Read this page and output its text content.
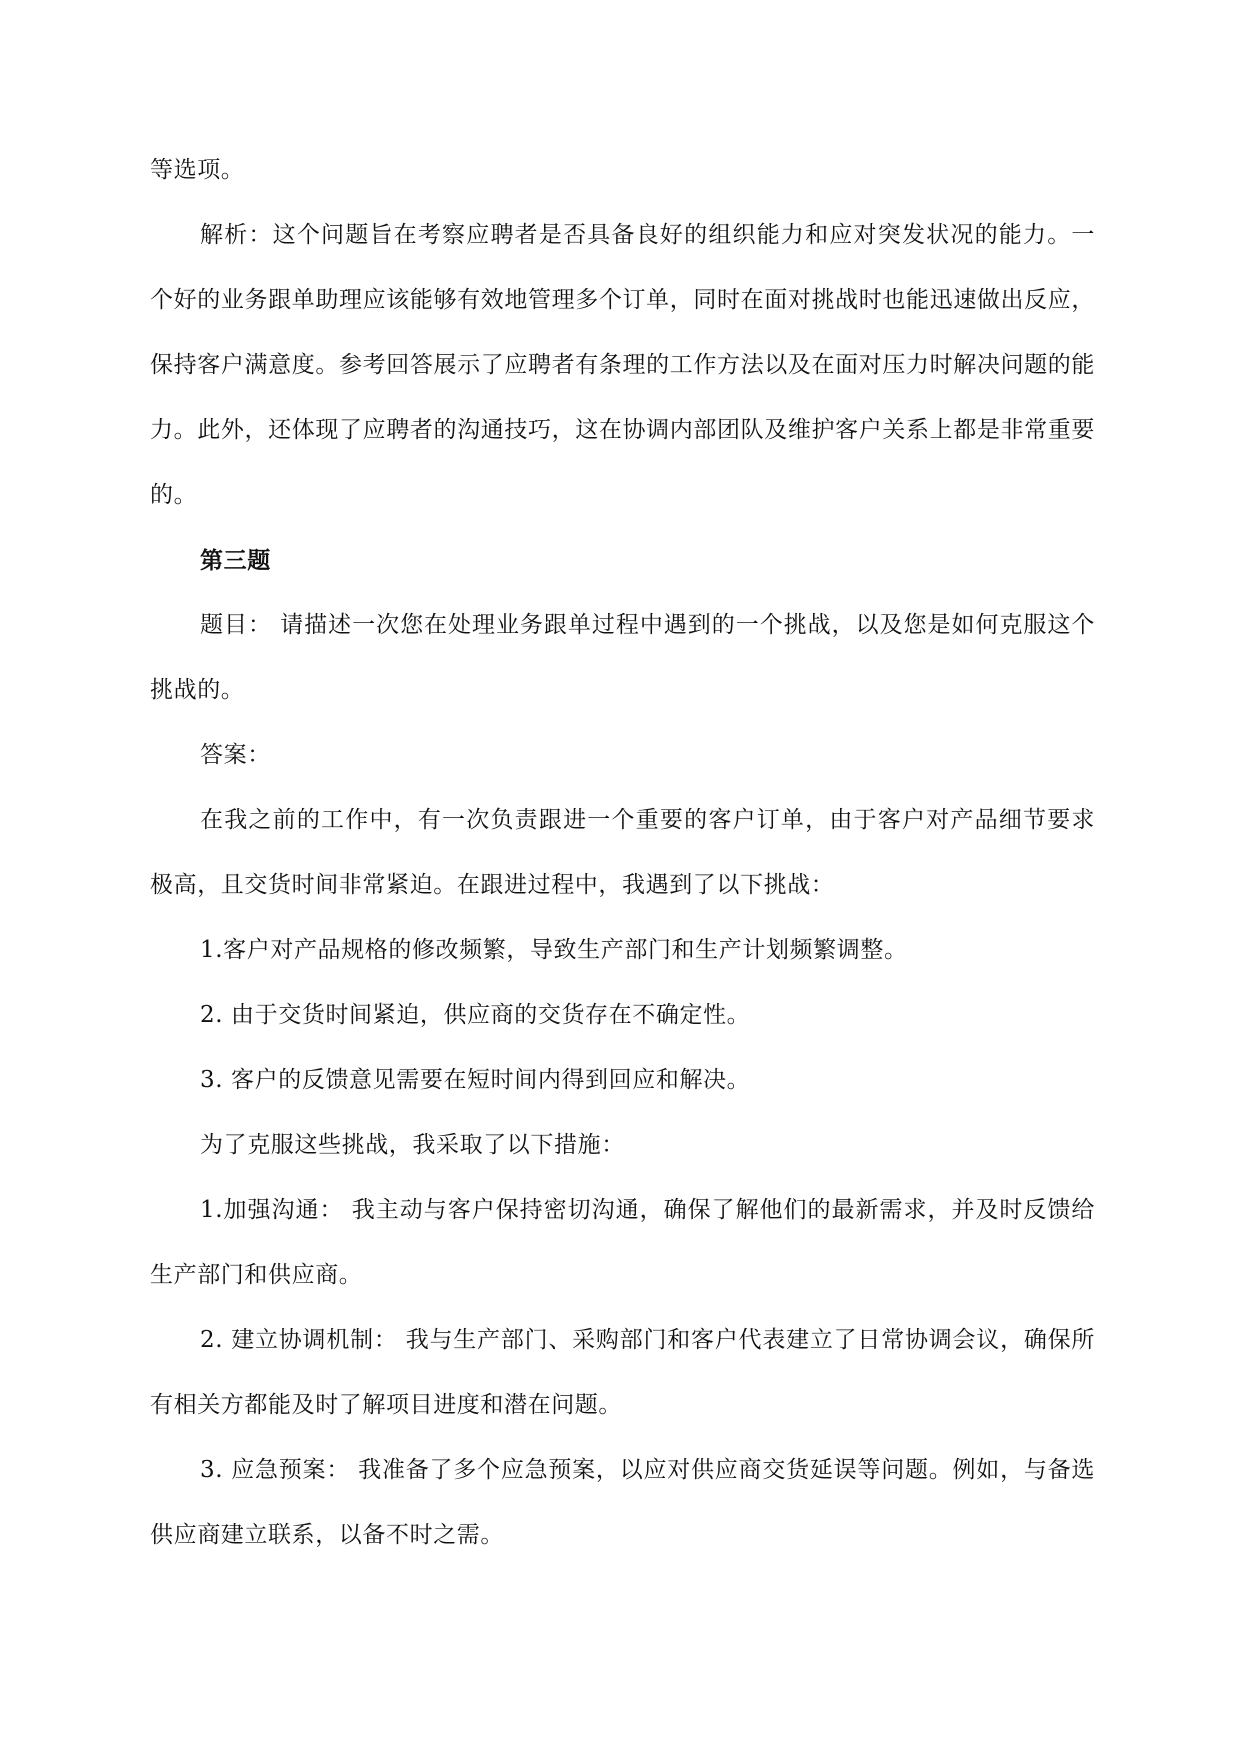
等选项。

解析：这个问题旨在考察应聘者是否具备良好的组织能力和应对突发状况的能力。一个好的业务跟单助理应该能够有效地管理多个订单，同时在面对挑战时也能迅速做出反应，保持客户满意度。参考回答展示了应聘者有条理的工作方法以及在面对压力时解决问题的能力。此外，还体现了应聘者的沟通技巧，这在协调内部团队及维护客户关系上都是非常重要的。

第三题

题目： 请描述一次您在处理业务跟单过程中遇到的一个挑战，以及您是如何克服这个挑战的。

答案：

在我之前的工作中，有一次负责跟进一个重要的客户订单，由于客户对产品细节要求极高，且交货时间非常紧迫。在跟进过程中，我遇到了以下挑战：

1.客户对产品规格的修改频繁，导致生产部门和生产计划频繁调整。

2. 由于交货时间紧迫，供应商的交货存在不确定性。

3. 客户的反馈意见需要在短时间内得到回应和解决。

为了克服这些挑战，我采取了以下措施：

1.加强沟通： 我主动与客户保持密切沟通，确保了解他们的最新需求，并及时反馈给生产部门和供应商。

2. 建立协调机制： 我与生产部门、采购部门和客户代表建立了日常协调会议，确保所有相关方都能及时了解项目进度和潜在问题。

3. 应急预案： 我准备了多个应急预案，以应对供应商交货延误等问题。例如，与备选供应商建立联系，以备不时之需。
